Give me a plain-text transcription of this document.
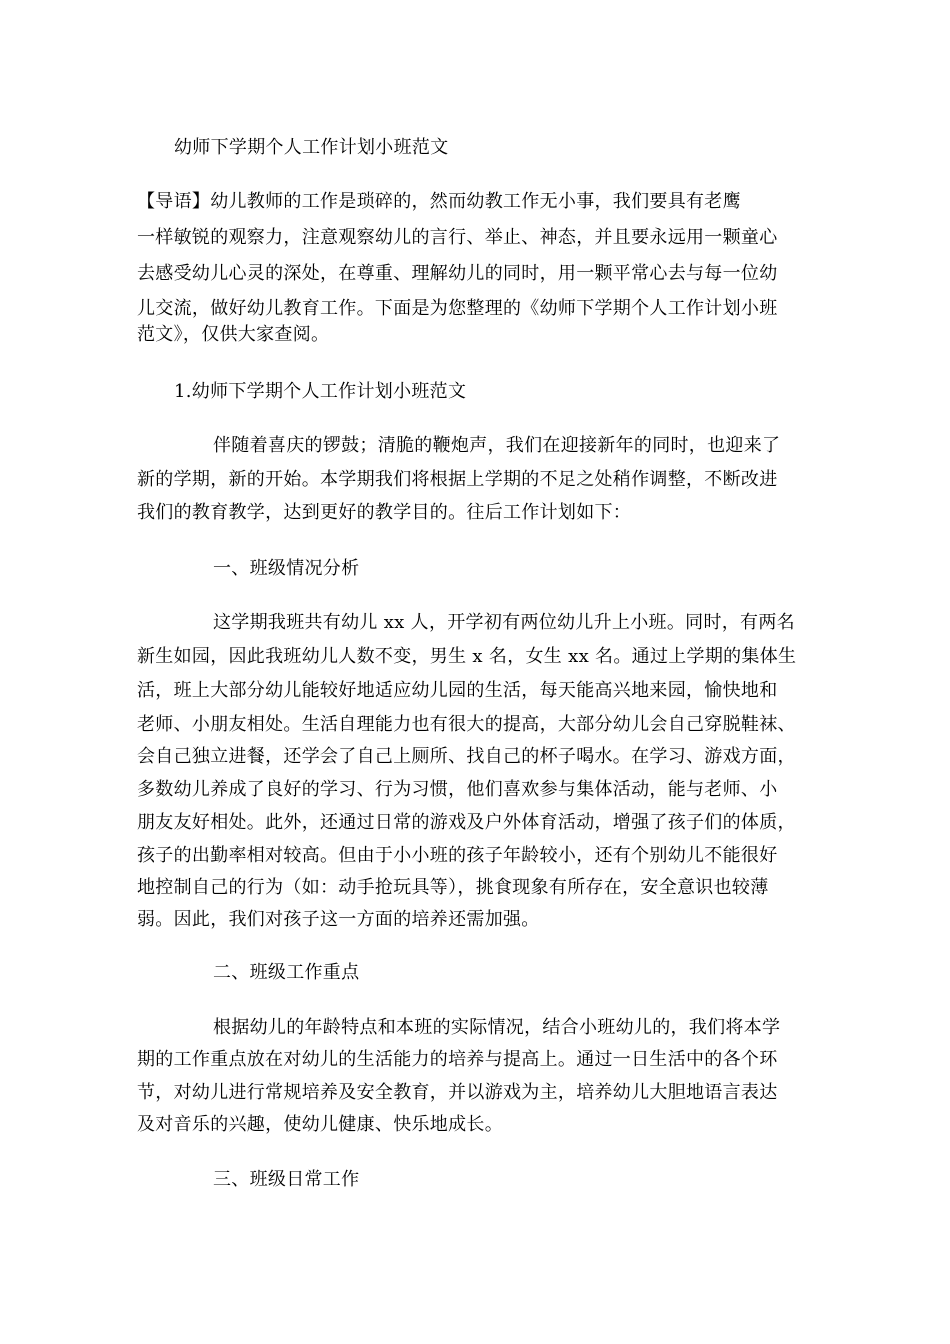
幼师下学期个人工作计划小班范文
【导语】幼儿教师的工作是琐碎的，然而幼教工作无小事，我们要具有老鹰
一样敏锐的观察力，注意观察幼儿的言行、举止、神态，并且要永远用一颗童心
去感受幼儿心灵的深处，在尊重、理解幼儿的同时，用一颗平常心去与每一位幼
儿交流，做好幼儿教育工作。下面是为您整理的《幼师下学期个人工作计划小班
范文》，仅供大家查阅。
1.幼师下学期个人工作计划小班范文
伴随着喜庆的锣鼓；清脆的鞭炮声，我们在迎接新年的同时，也迎来了
新的学期，新的开始。本学期我们将根据上学期的不足之处稍作调整，不断改进
我们的教育教学，达到更好的教学目的。往后工作计划如下：
一、班级情况分析
这学期我班共有幼儿 xx 人，开学初有两位幼儿升上小班。同时，有两名
新生如园，因此我班幼儿人数不变，男生 x 名，女生 xx 名。通过上学期的集体生
活，班上大部分幼儿能较好地适应幼儿园的生活，每天能高兴地来园，愉快地和
老师、小朋友相处。生活自理能力也有很大的提高，大部分幼儿会自己穿脱鞋袜、
会自己独立进餐，还学会了自己上厕所、找自己的杯子喝水。在学习、游戏方面，
多数幼儿养成了良好的学习、行为习惯，他们喜欢参与集体活动，能与老师、小
朋友友好相处。此外，还通过日常的游戏及户外体育活动，增强了孩子们的体质，
孩子的出勤率相对较高。但由于小小班的孩子年龄较小，还有个别幼儿不能很好
地控制自己的行为（如：动手抢玩具等），挑食现象有所存在，安全意识也较薄
弱。因此，我们对孩子这一方面的培养还需加强。
二、班级工作重点
根据幼儿的年龄特点和本班的实际情况，结合小班幼儿的，我们将本学
期的工作重点放在对幼儿的生活能力的培养与提高上。通过一日生活中的各个环
节，对幼儿进行常规培养及安全教育，并以游戏为主，培养幼儿大胆地语言表达
及对音乐的兴趣，使幼儿健康、快乐地成长。
三、班级日常工作
